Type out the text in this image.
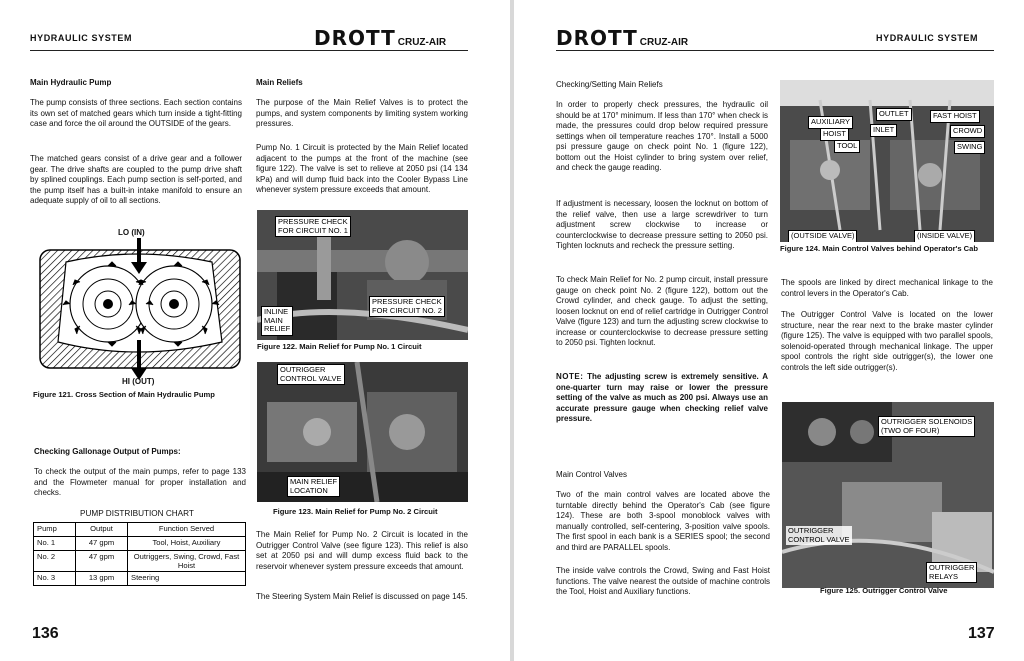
HYDRAULIC SYSTEM	DROTT CRUZ-AIR
Main Hydraulic Pump
The pump consists of three sections. Each section contains its own set of matched gears which turn inside a tight-fitting case and force the oil around the OUTSIDE of the gears.
The matched gears consist of a drive gear and a follower gear. The drive shafts are coupled to the pump drive shaft by splined couplings. Each pump section is self-ported, and the pump itself has a built-in intake manifold to ensure an adequate supply of oil to all sections.
LO (IN)
HI (OUT)
Figure 121. Cross Section of Main Hydraulic Pump
Checking Gallonage Output of Pumps:
To check the output of the main pumps, refer to page 133 and the Flowmeter manual for proper installation and checks.
PUMP DISTRIBUTION CHART
Pump	Output	Function Served
No. 1	47 gpm	Tool, Hoist, Auxiliary
No. 2	47 gpm	Outriggers, Swing, Crowd, Fast Hoist
No. 3	13 gpm	Steering
Main Reliefs
The purpose of the Main Relief Valves is to protect the pumps, and system components by limiting system working pressures.
Pump No. 1 Circuit is protected by the Main Relief located adjacent to the pumps at the front of the machine (see figure 122). The valve is set to relieve at 2050 psi (14 134 kPa) and will dump fluid back into the Cooler Bypass Line whenever system pressure exceeds that amount.
PRESSURE CHECK
FOR CIRCUIT NO. 1
PRESSURE CHECK
FOR CIRCUIT NO. 2
INLINE
MAIN
RELIEF
Figure 122. Main Relief for Pump No. 1 Circuit
OUTRIGGER
CONTROL VALVE
MAIN RELIEF
LOCATION
Figure 123. Main Relief for Pump No. 2 Circuit
The Main Relief for Pump No. 2 Circuit is located in the Outrigger Control Valve (see figure 123). This relief is also set at 2050 psi and will dump excess fluid back to the reservoir whenever system pressure exceeds that amount.
The Steering System Main Relief is discussed on page 145.
136
DROTT CRUZ-AIR	HYDRAULIC SYSTEM
Checking/Setting Main Reliefs
In order to properly check pressures, the hydraulic oil should be at 170° minimum. If less than 170° when check is made, the pressures could drop below required pressure settings when oil temperature reaches 170°. Install a 5000 psi pressure gauge on check point No. 1 (figure 122), bottom out the Hoist cylinder to bring system over relief, and check the gauge reading.
If adjustment is necessary, loosen the locknut on bottom of the relief valve, then use a large screwdriver to turn adjustment screw clockwise to increase or counterclockwise to decrease pressure setting to 2050 psi. Tighten locknuts and recheck the pressure setting.
To check Main Relief for No. 2 pump circuit, install pressure gauge on check point No. 2 (figure 122), bottom out the Crowd cylinder, and check gauge. To adjust the setting, loosen locknut on end of relief cartridge in Outrigger Control Valve (figure 123) and turn the adjusting screw clockwise to increase or counterclockwise to decrease pressure setting to 2050 psi. Tighten locknut.
NOTE: The adjusting screw is extremely sensitive. A one-quarter turn may raise or lower the pressure setting of the valve as much as 200 psi. Always use an accurate pressure gauge when checking relief valve pressure.
Main Control Valves
Two of the main control valves are located above the turntable directly behind the Operator's Cab (see figure 124). These are both 3-spool monoblock valves with manually controlled, self-centering, 3-position valve spools. The first spool in each bank is a SERIES spool; the second and third are PARALLEL spools.
The inside valve controls the Crowd, Swing and Fast Hoist functions. The valve nearest the outside of machine controls the Tool, Hoist and Auxiliary functions.
AUXILIARY
HOIST
TOOL
OUTLET
INLET
FAST HOIST
CROWD
SWING
(OUTSIDE VALVE)	(INSIDE VALVE)
Figure 124. Main Control Valves behind Operator's Cab
The spools are linked by direct mechanical linkage to the control levers in the Operator's Cab.
The Outrigger Control Valve is located on the lower structure, near the rear next to the brake master cylinder (figure 125). The valve is equipped with two parallel spools, solenoid-operated through mechanical linkage. The upper spool controls the right side outrigger(s), the lower one controls the left side outrigger(s).
OUTRIGGER SOLENOIDS
(TWO OF FOUR)
OUTRIGGER
CONTROL VALVE
OUTRIGGER
RELAYS
Figure 125. Outrigger Control Valve
137
